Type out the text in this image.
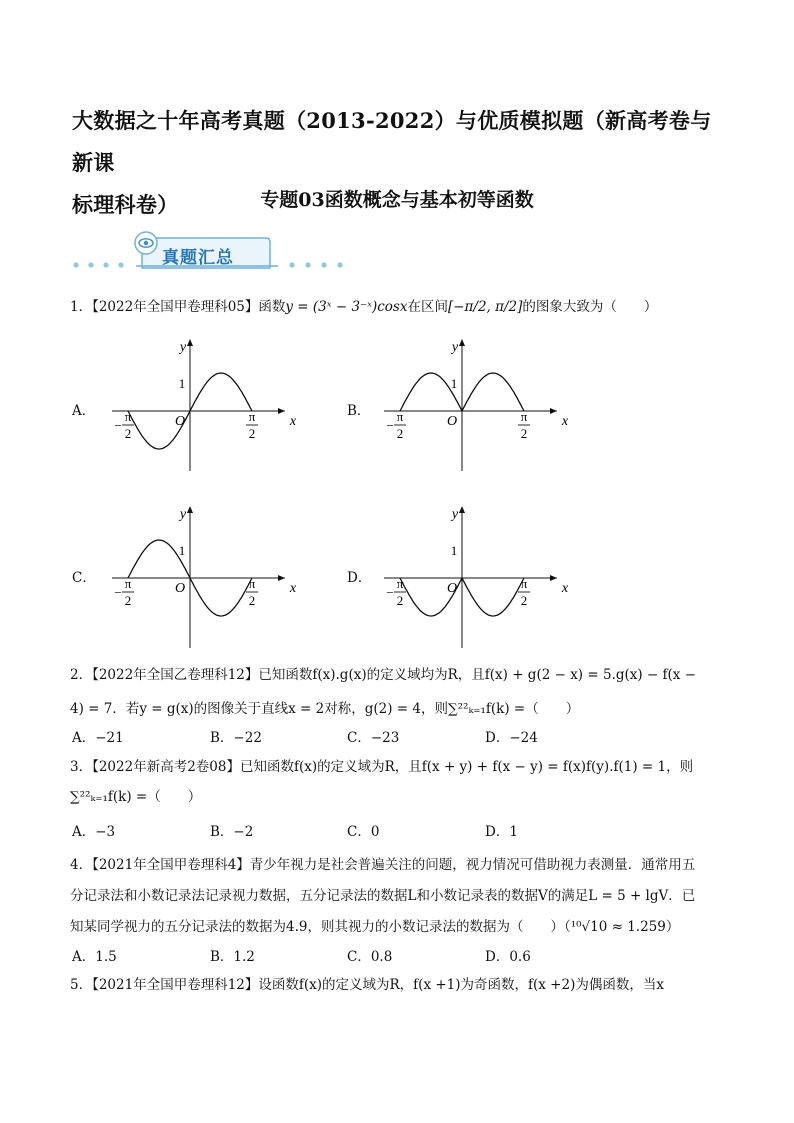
大数据之十年高考真题（2013-2022）与优质模拟题（新高考卷与新课
标理科卷）	专题03函数概念与基本初等函数
真题汇总
1．【2022年全国甲卷理科05】函数y = (3ˣ − 3⁻ˣ)cosx在区间[−π/2, π/2]的图象大致为（　　）
A．	B．
C．	D．
x
y
O
1
−
π
2
π
2
x
y
O
1
−
π
2
π
2
x
y
O
1
−
π
2
π
2
x
y
O
1
−
π
2
π
2
2．【2022年全国乙卷理科12】已知函数f(x).g(x)的定义域均为R，且f(x) + g(2 − x) = 5.g(x) − f(x −
4) = 7．若y = g(x)的图像关于直线x = 2对称，g(2) = 4，则∑²²ₖ₌₁f(k) =（　　）
A．−21	B．−22	C．−23	D．−24
3．【2022年新高考2卷08】已知函数f(x)的定义域为R，且f(x + y) + f(x − y) = f(x)f(y).f(1) = 1，则
∑²²ₖ₌₁f(k) =（　　）
A．−3	B．−2	C．0	D．1
4．【2021年全国甲卷理科4】青少年视力是社会普遍关注的问题，视力情况可借助视力表测量．通常用五
分记录法和小数记录法记录视力数据，五分记录法的数据L和小数记录表的数据V的满足L = 5 + lgV．已
知某同学视力的五分记录法的数据为4.9，则其视力的小数记录法的数据为（　　）（¹⁰√10 ≈ 1.259）
A．1.5	B．1.2	C．0.8	D．0.6
5．【2021年全国甲卷理科12】设函数f(x)的定义域为R，f(x +1)为奇函数，f(x +2)为偶函数，当x
